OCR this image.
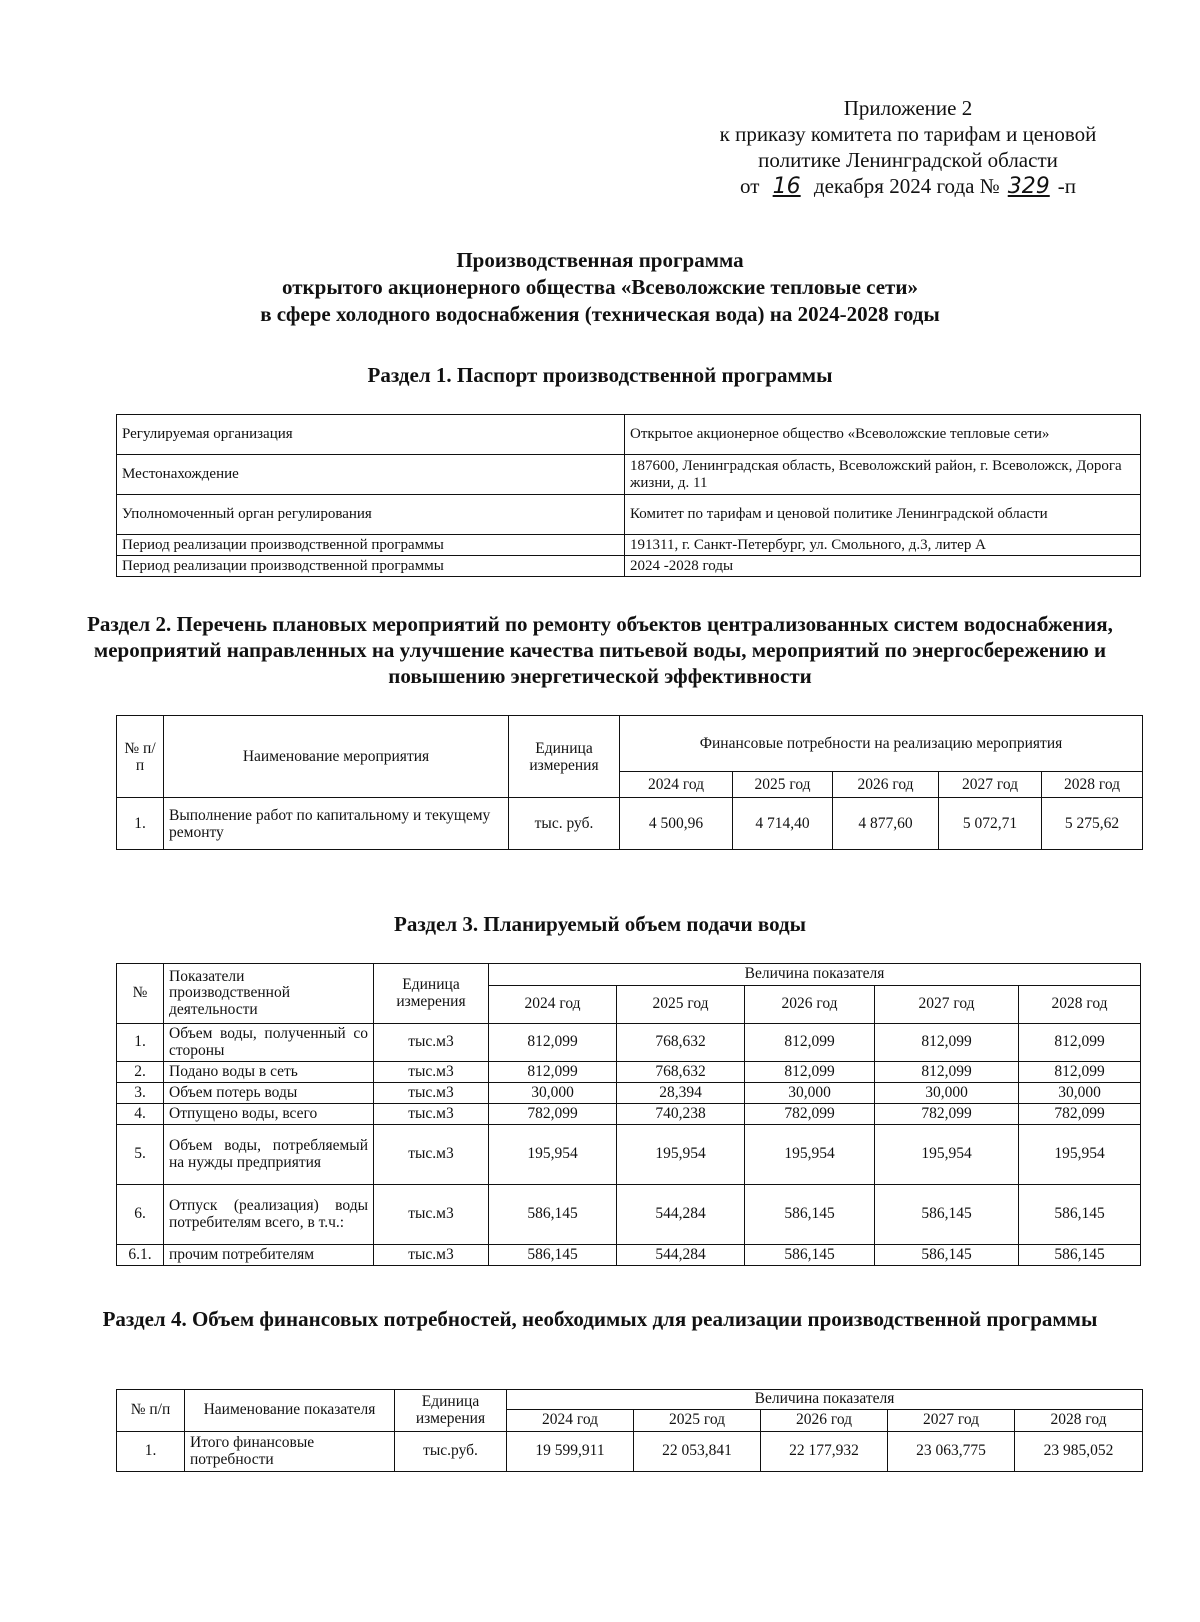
Приложение 2
к приказу комитета по тарифам и ценовой
политике Ленинградской области
от 16 декабря 2024 года № 329 -п
Производственная программа
открытого акционерного общества «Всеволожские тепловые сети»
в сфере холодного водоснабжения (техническая вода) на 2024-2028 годы
Раздел 1. Паспорт производственной программы
Регулируемая организация	Открытое акционерное общество «Всеволожские тепловые сети»
Местонахождение	187600, Ленинградская область, Всеволожский район, г. Всеволожск, Дорога жизни, д. 11
Уполномоченный орган регулирования	Комитет по тарифам и ценовой политике Ленинградской области
Период реализации производственной программы	191311, г. Санкт-Петербург, ул. Смольного, д.3, литер А
Период реализации производственной программы	2024 -2028 годы
Раздел 2. Перечень плановых мероприятий по ремонту объектов централизованных систем водоснабжения, мероприятий направленных на улучшение качества питьевой воды, мероприятий по энергосбережению и повышению энергетической эффективности
№ п/п	Наименование мероприятия	Единица измерения	Финансовые потребности на реализацию мероприятия				
			2024 год	2025 год	2026 год	2027 год	2028 год
1.	Выполнение работ по капитальному и текущему ремонту	тыс. руб.	4 500,96	4 714,40	4 877,60	5 072,71	5 275,62
Раздел 3. Планируемый объем подачи воды
№	Показатели производственной деятельности	Единица измерения	Величина показателя				
			2024 год	2025 год	2026 год	2027 год	2028 год
1.	Объем воды, полученный со стороны	тыс.м3	812,099	768,632	812,099	812,099	812,099
2.	Подано воды в сеть	тыс.м3	812,099	768,632	812,099	812,099	812,099
3.	Объем потерь воды	тыс.м3	30,000	28,394	30,000	30,000	30,000
4.	Отпущено воды, всего	тыс.м3	782,099	740,238	782,099	782,099	782,099
5.	Объем воды, потребляемый на нужды предприятия	тыс.м3	195,954	195,954	195,954	195,954	195,954
6.	Отпуск (реализация) воды потребителям всего, в т.ч.:	тыс.м3	586,145	544,284	586,145	586,145	586,145
6.1.	прочим потребителям	тыс.м3	586,145	544,284	586,145	586,145	586,145
Раздел 4. Объем финансовых потребностей, необходимых для реализации производственной программы
№ п/п	Наименование показателя	Единица измерения	Величина показателя				
			2024 год	2025 год	2026 год	2027 год	2028 год
1.	Итого финансовые потребности	тыс.руб.	19 599,911	22 053,841	22 177,932	23 063,775	23 985,052
